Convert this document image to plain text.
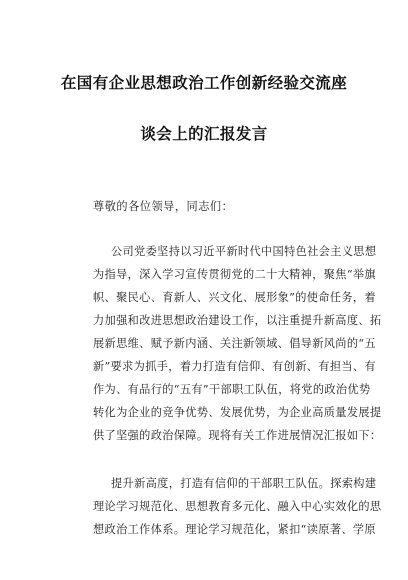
在国有企业思想政治工作创新经验交流座
谈会上的汇报发言
尊敬的各位领导，同志们：
公司党委坚持以习近平新时代中国特色社会主义思想
为指导，深入学习宣传贯彻党的二十大精神，聚焦“举旗
帜、聚民心、育新人、兴文化、展形象”的使命任务，着
力加强和改进思想政治建设工作，以注重提升新高度、拓
展新思维、赋予新内涵、关注新领域、倡导新风尚的“五
新”要求为抓手，着力打造有信仰、有创新、有担当、有
作为、有品行的“五有”干部职工队伍，将党的政治优势
转化为企业的竞争优势、发展优势，为企业高质量发展提
供了坚强的政治保障。现将有关工作进展情况汇报如下：
提升新高度，打造有信仰的干部职工队伍。探索构建
理论学习规范化、思想教育多元化、融入中心实效化的思
想政治工作体系。理论学习规范化，紧扣“读原著、学原
